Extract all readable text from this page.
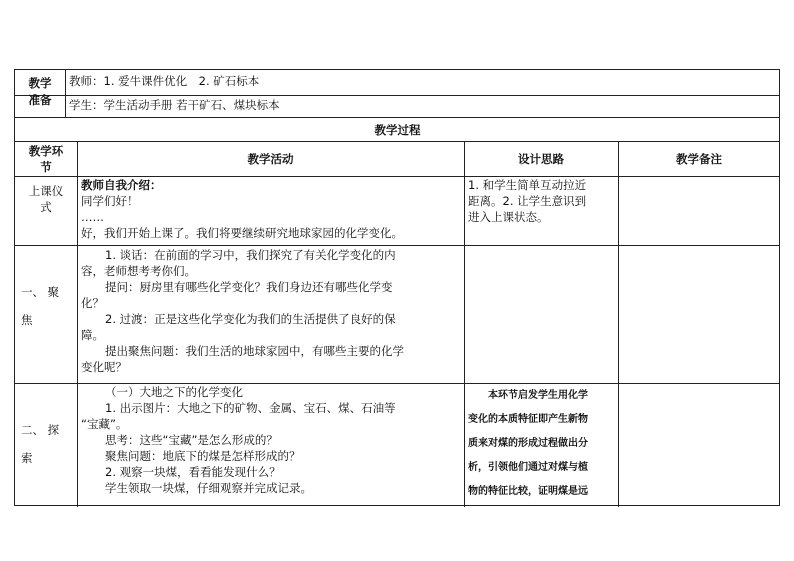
教学准备
教师：1. 爱牛课件优化　2. 矿石标本
学生：学生活动手册 若干矿石、煤块标本
教学过程
教学环节
教学活动	设计思路	教学备注
上课仪式
教师自我介绍：
同学们好！
……
好，我们开始上课了。我们将要继续研究地球家园的化学变化。
1. 和学生简单互动拉近
距离。2. 让学生意识到
进入上课状态。
一、 聚焦
1. 谈话：在前面的学习中，我们探究了有关化学变化的内
容，老师想考考你们。
提问：厨房里有哪些化学变化？我们身边还有哪些化学变
化？
2. 过渡：正是这些化学变化为我们的生活提供了良好的保
障。
提出聚焦问题：我们生活的地球家园中，有哪些主要的化学
变化呢？
二、 探索
（一）大地之下的化学变化
1. 出示图片：大地之下的矿物、金属、宝石、煤、石油等
“宝藏”。
思考：这些“宝藏”是怎么形成的？
聚焦问题：地底下的煤是怎样形成的？
2. 观察一块煤，看看能发现什么？
学生领取一块煤，仔细观察并完成记录。
本环节启发学生用化学
变化的本质特征即产生新物
质来对煤的形成过程做出分
析，引领他们通过对煤与植
物的特征比较，证明煤是远
